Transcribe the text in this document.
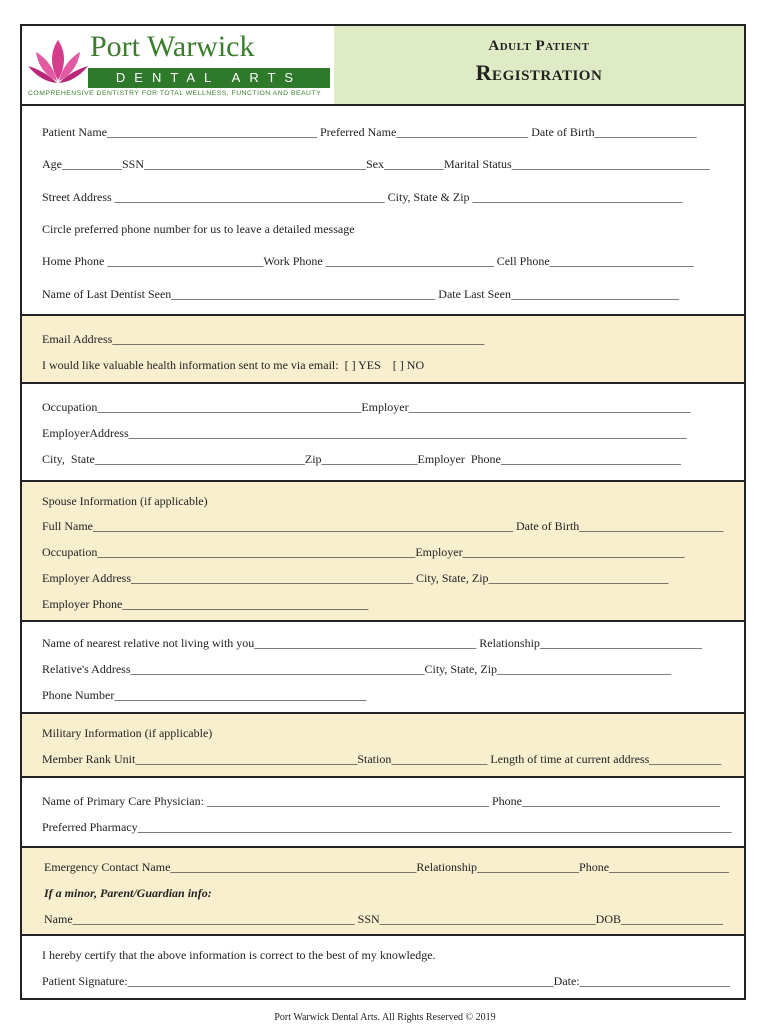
Port Warwick
DENTAL ARTS
COMPREHENSIVE DENTISTRY FOR TOTAL WELLNESS, FUNCTION AND BEAUTY
Adult Patient
Registration
Patient Name___________________________________ Preferred Name______________________ Date of Birth_________________
Age__________SSN_____________________________________Sex__________Marital Status_________________________________
Street Address _____________________________________________ City, State & Zip ___________________________________
Circle preferred phone number for us to leave a detailed message
Home Phone __________________________Work Phone ____________________________ Cell Phone________________________
Name of Last Dentist Seen____________________________________________ Date Last Seen____________________________
Email Address______________________________________________________________
I would like valuable health information sent to me via email:  [ ] YES    [ ] NO
Occupation____________________________________________Employer_______________________________________________
EmployerAddress_____________________________________________________________________________________________
City,  State___________________________________Zip________________Employer  Phone______________________________
Spouse Information (if applicable)
Full Name______________________________________________________________________ Date of Birth________________________
Occupation_____________________________________________________Employer_____________________________________
Employer Address_______________________________________________ City, State, Zip______________________________
Employer Phone_________________________________________
Name of nearest relative not living with you_____________________________________ Relationship___________________________
Relative's Address_________________________________________________City, State, Zip_____________________________
Phone Number__________________________________________
Military Information (if applicable)
Member Rank Unit_____________________________________Station________________ Length of time at current address____________
Name of Primary Care Physician: _______________________________________________ Phone_________________________________
Preferred Pharmacy___________________________________________________________________________________________________
Emergency Contact Name_________________________________________Relationship_________________Phone____________________
If a minor, Parent/Guardian info:
Name_______________________________________________ SSN____________________________________DOB_________________
I hereby certify that the above information is correct to the best of my knowledge.
Patient Signature:_______________________________________________________________________Date:_________________________
Port Warwick Dental Arts. All Rights Reserved © 2019
